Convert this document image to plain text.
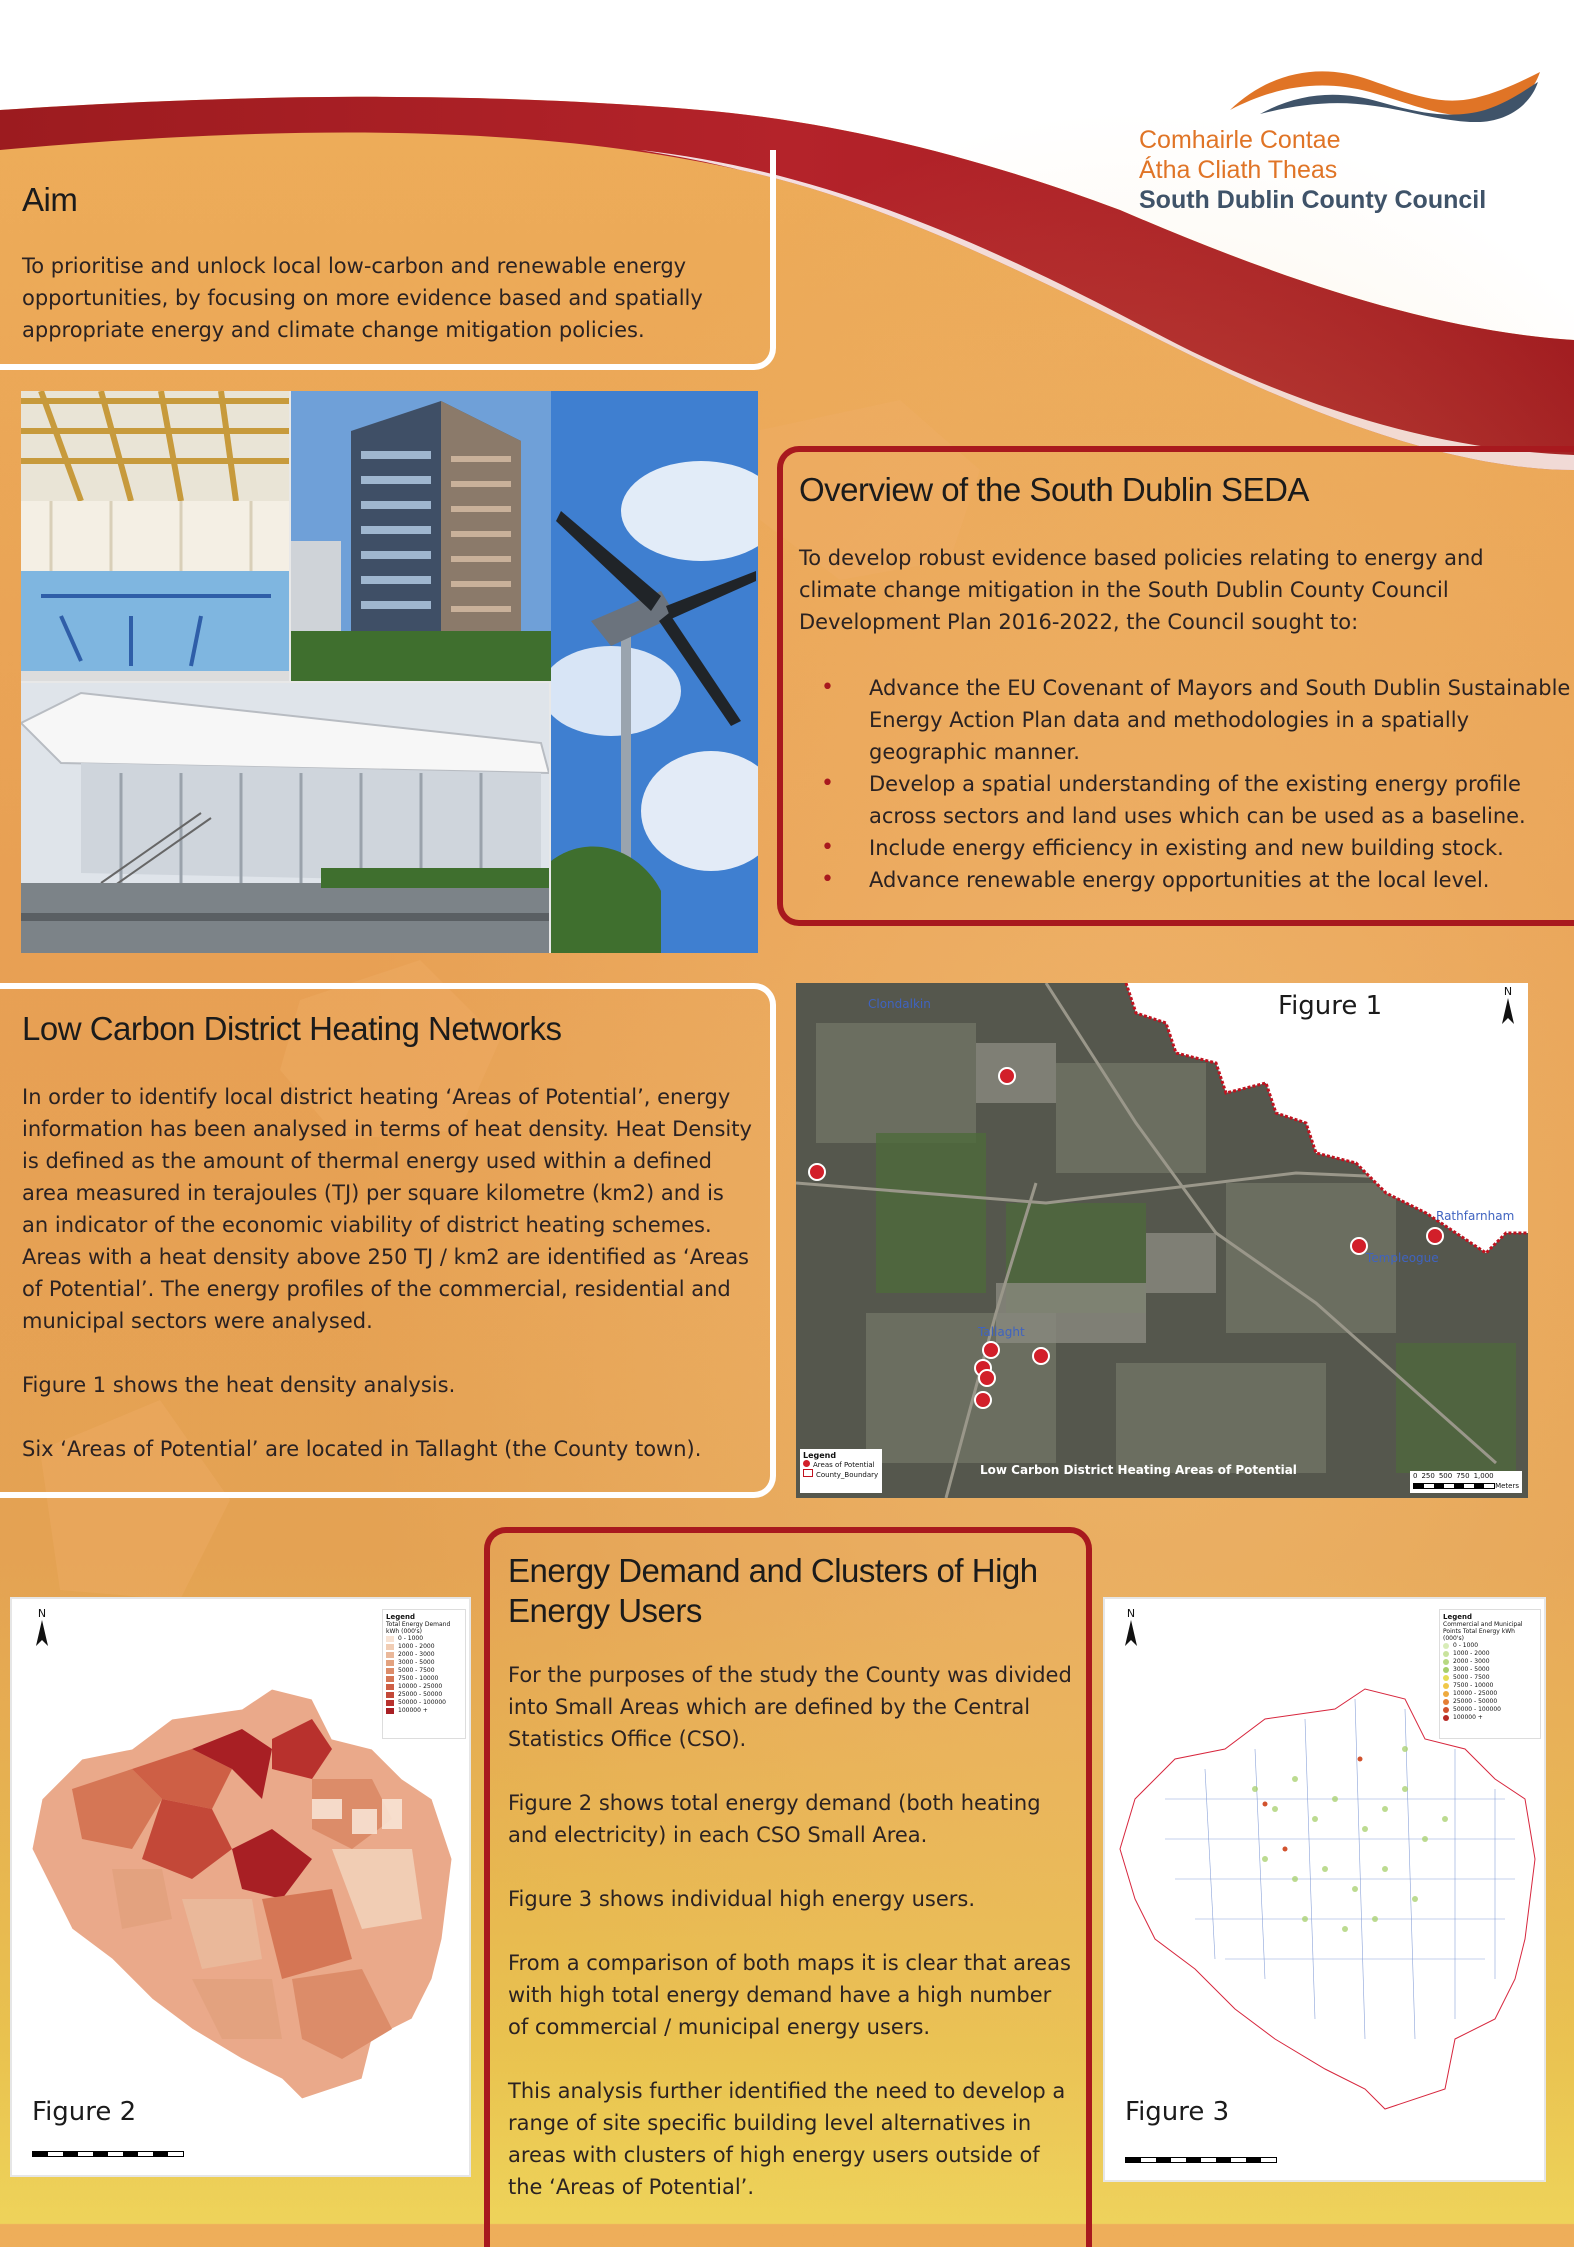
Comhairle Contae
Átha Cliath Theas
South Dublin County Council
Aim

To prioritise and unlock local low-carbon and renewable energy opportunities, by focusing on more evidence based and spatially appropriate energy and climate change mitigation policies.

Overview of the South Dublin SEDA

To develop robust evidence based policies relating to energy and climate change mitigation in the South Dublin County Council Development Plan 2016-2022, the Council sought to:

• Advance the EU Covenant of Mayors and South Dublin Sustainable Energy Action Plan data and methodologies in a spatially geographic manner.
• Develop a spatial understanding of the existing energy profile across sectors and land uses which can be used as a baseline.
• Include energy efficiency in existing and new building stock.
• Advance renewable energy opportunities at the local level.
Low Carbon District Heating Networks

In order to identify local district heating ‘Areas of Potential’, energy information has been analysed in terms of heat density. Heat Density is defined as the amount of thermal energy used within a defined area measured in terajoules (TJ) per square kilometre (km2) and is an indicator of the economic viability of district heating schemes. Areas with a heat density above 250 TJ / km2 are identified as ‘Areas of Potential’. The energy profiles of the commercial, residential and municipal sectors were analysed.

Figure 1 shows the heat density analysis.

Six ‘Areas of Potential’ are located in Tallaght (the County town).

Figure 1	N
Clondalkin
Rathfarnham
Templeogue
Tallaght
Legend
Areas of Potential
County_Boundary	Low Carbon District Heating Areas of Potential	0 250 500 750 1,000
Meters
Energy Demand and Clusters of High Energy Users

For the purposes of the study the County was divided into Small Areas which are defined by the Central Statistics Office (CSO).

Figure 2 shows total energy demand (both heating and electricity) in each CSO Small Area.

Figure 3 shows individual high energy users.

From a comparison of both maps it is clear that areas with high total energy demand have a high number of commercial / municipal energy users.

This analysis further identified the need to develop a range of site specific building level alternatives in areas with clusters of high energy users outside of the ‘Areas of Potential’.

N	Legend
Total Energy Demand kWh (000's)
0 - 1000
1000 - 2000
2000 - 3000
3000 - 5000
5000 - 7500
7500 - 10000
10000 - 25000
25000 - 50000
50000 - 100000
100000 +
Figure 2
N	Legend
Commercial and Municipal Points Total Energy kWh (000's)
0 - 1000
1000 - 2000
2000 - 3000
3000 - 5000
5000 - 7500
7500 - 10000
10000 - 25000
25000 - 50000
50000 - 100000
100000 +
Figure 3
